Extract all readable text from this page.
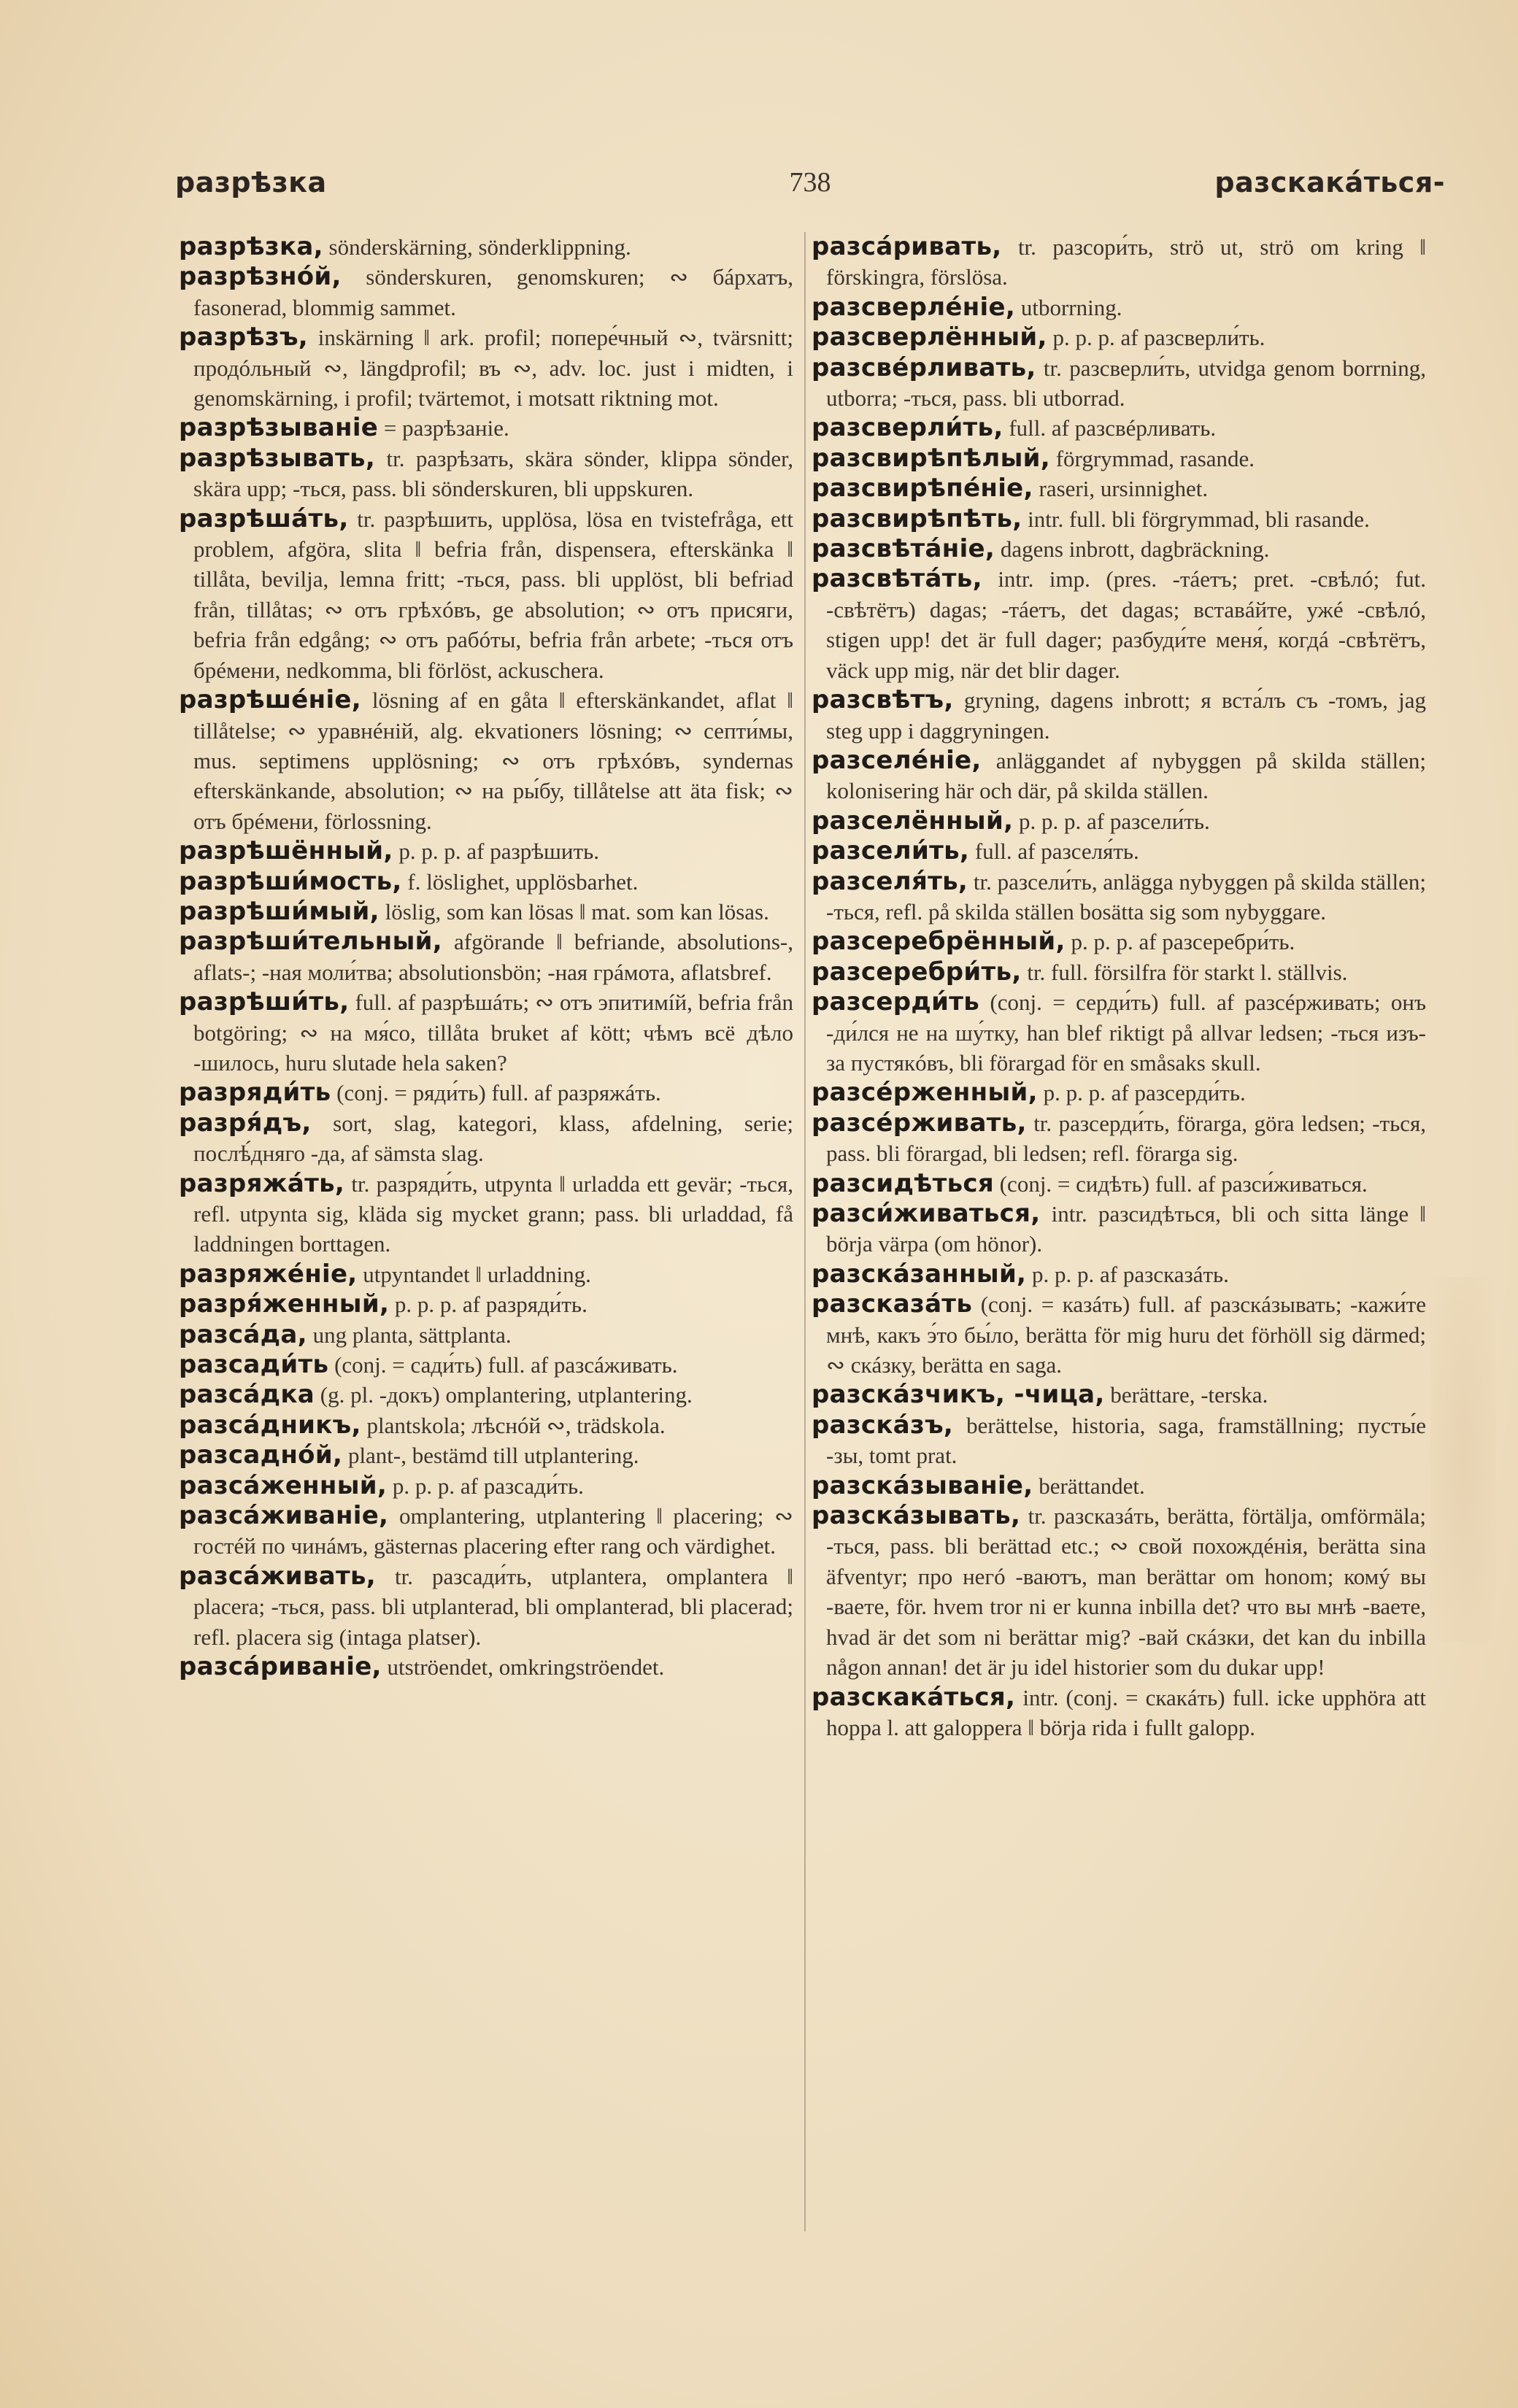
разрѣзка	738	разскакáться-

разрѣзка, sönderskärning, sönderklippning.

разрѣзнóй, sönderskuren, genomskuren; ∾ бáрхатъ, fasonerad, blommig sammet.

разрѣзъ, inskärning ‖ ark. profil; попере́чный ∾, tvärsnitt; продóльный ∾, längdprofil; въ ∾, adv. loc. just i midten, i genomskärning, i profil; tvärtemot, i motsatt riktning mot.

разрѣзываніе = разрѣзаніе.

разрѣзывать, tr. разрѣзать, skära sönder, klippa sönder, skära upp; -ться, pass. bli sönderskuren, bli uppskuren.

разрѣшáть, tr. разрѣшить, upplösa, lösa en tvistefråga, ett problem, afgöra, slita ‖ befria från, dispensera, efterskänka ‖ tillåta, bevilja, lemna fritt; -ться, pass. bli upplöst, bli befriad från, tillåtas; ∾ отъ грѣхóвъ, ge absolution; ∾ отъ присяги, befria från edgång; ∾ отъ рабóты, befria från arbete; -ться отъ брéмени, nedkomma, bli förlöst, ackuschera.

разрѣшéніе, lösning af en gåta ‖ efterskänkandet, aflat ‖ tillåtelse; ∾ уравнéній, alg. ekvationers lösning; ∾ септи́мы, mus. septimens upplösning; ∾ отъ грѣхóвъ, syndernas efterskänkande, absolution; ∾ на ры́бу, tillåtelse att äta fisk; ∾ отъ брéмени, förlossning.

разрѣшённый, p. p. p. af разрѣшить.

разрѣши́мость, f. löslighet, upplösbarhet.

разрѣши́мый, löslig, som kan lösas ‖ mat. som kan lösas.

разрѣши́тельный, afgörande ‖ befriande, absolutions-, aflats-; -ная моли́тва; absolutionsbön; -ная грáмота, aflatsbref.

разрѣши́ть, full. af разрѣшáть; ∾ отъ эпитимíй, befria från botgöring; ∾ на мя́со, tillåta bruket af kött; чѣмъ всё дѣло -шилось, huru slutade hela saken?

разряди́ть (conj. = ряди́ть) full. af разряжáть.

разря́дъ, sort, slag, kategori, klass, afdelning, serie; послѣ́дняго -да, af sämsta slag.

разряжáть, tr. разряди́ть, utpynta ‖ urladda ett gevär; -ться, refl. utpynta sig, kläda sig mycket grann; pass. bli urladdad, få laddningen borttagen.

разряжéніе, utpyntandet ‖ urladdning.

разря́женный, p. p. p. af разряди́ть.

разсáда, ung planta, sättplanta.

разсади́ть (conj. = сади́ть) full. af разсáживать.

разсáдка (g. pl. -докъ) omplantering, utplantering.

разсáдникъ, plantskola; лѣснóй ∾, trädskola.

разсаднóй, plant-, bestämd till utplantering.

разсáженный, p. p. p. af разсади́ть.

разсáживаніе, omplantering, utplantering ‖ placering; ∾ гостéй по чинáмъ, gästernas placering efter rang och värdighet.

разсáживать, tr. разсади́ть, utplantera, omplantera ‖ placera; -ться, pass. bli utplanterad, bli omplanterad, bli placerad; refl. placera sig (intaga platser).

разсáриваніе, utströendet, omkringströendet.

разсáривать, tr. разсори́ть, strö ut, strö om kring ‖ förskingra, förslösa.

разсверлéніе, utborrning.

разсверлённый, p. p. p. af разсверли́ть.

разсвéрливать, tr. разсверли́ть, utvidga genom borrning, utborra; -ться, pass. bli utborrad.

разсверли́ть, full. af разсвéрливать.

разсвирѣпѣлый, förgrymmad, rasande.

разсвирѣпéніе, raseri, ursinnighet.

разсвирѣпѣть, intr. full. bli förgrymmad, bli rasande.

разсвѣтáніе, dagens inbrott, dagbräckning.

разсвѣтáть, intr. imp. (pres. -тáетъ; pret. -свѣлó; fut. -свѣтётъ) dagas; -тáетъ, det dagas; вставáйте, ужé -свѣлó, stigen upp! det är full dager; разбуди́те меня́, когдá -свѣтётъ, väck upp mig, när det blir dager.

разсвѣтъ, gryning, dagens inbrott; я вста́лъ съ -томъ, jag steg upp i daggryningen.

разселéніе, anläggandet af nybyggen på skilda ställen; kolonisering här och där, på skilda ställen.

разселённый, p. p. p. af разсели́ть.

разсели́ть, full. af разселя́ть.

разселя́ть, tr. разсели́ть, anlägga nybyggen på skilda ställen; -ться, refl. på skilda ställen bosätta sig som nybyggare.

разсеребрённый, p. p. p. af разсеребри́ть.

разсеребри́ть, tr. full. försilfra för starkt l. ställvis.

разсерди́ть (conj. = серди́ть) full. af разсéрживать; онъ -ди́лся не на шу́тку, han blef riktigt på allvar ledsen; -ться изъ-за пустякóвъ, bli förargad för en småsaks skull.

разсéрженный, p. p. p. af разсерди́ть.

разсéрживать, tr. разсерди́ть, förarga, göra ledsen; -ться, pass. bli förargad, bli ledsen; refl. förarga sig.

разсидѣться (conj. = сидѣть) full. af разси́живаться.

разси́живаться, intr. разсидѣться, bli och sitta länge ‖ börja värpa (om hönor).

разскáзанный, p. p. p. af разсказáть.

разсказáть (conj. = казáть) full. af разскáзывать; -кажи́те мнѣ, какъ э́то бы́ло, berätta för mig huru det förhöll sig därmed; ∾ скáзку, berätta en saga.

разскáзчикъ, -чица, berättare, -terska.

разскáзъ, berättelse, historia, saga, framställning; пусты́е -зы, tomt prat.

разскáзываніе, berättandet.

разскáзывать, tr. разсказáть, berätta, förtälja, omförmäla; -ться, pass. bli berättad etc.; ∾ свой похождéнія, berätta sina äfventyr; про негó -ваютъ, man berättar om honom; комý вы -ваете, för. hvem tror ni er kunna inbilla det? что вы мнѣ -ваете, hvad är det som ni berättar mig? -вай скáзки, det kan du inbilla någon annan! det är ju idel historier som du dukar upp!

разскакáться, intr. (conj. = скакáть) full. icke upphöra att hoppa l. att galoppera ‖ börja rida i fullt galopp.
